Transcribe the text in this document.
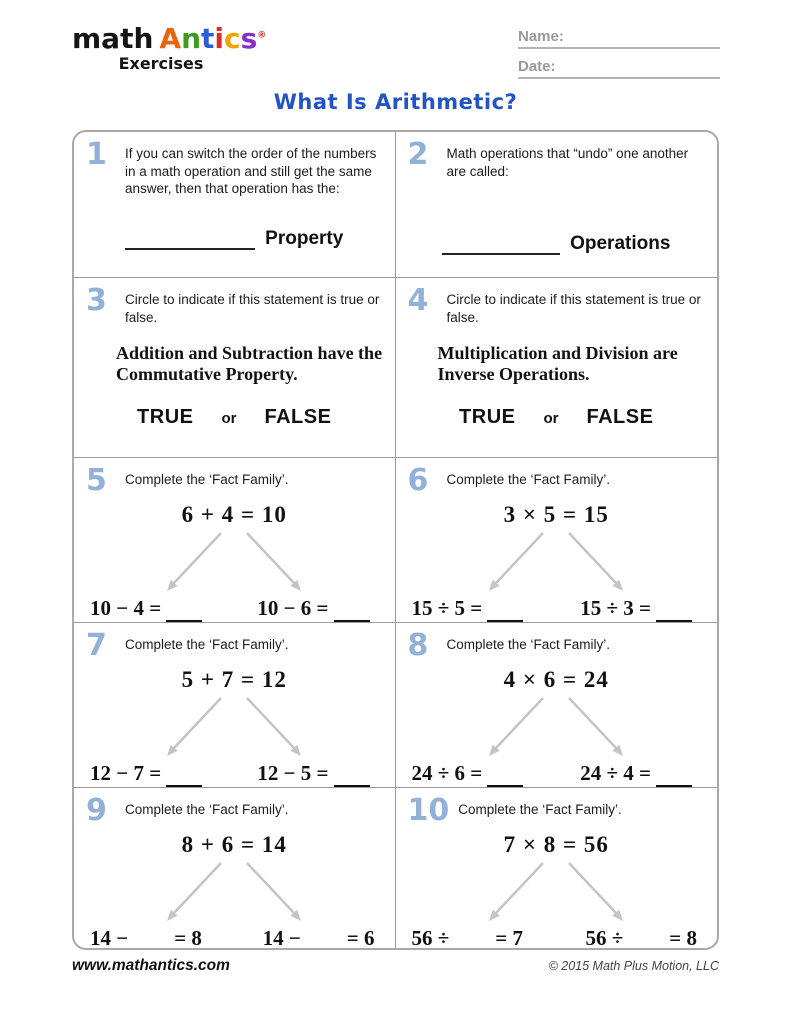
math Antics®
Exercises
Name:
Date:
What Is Arithmetic?
1	If you can switch the order of the numbers in a math operation and still get the same answer, then that operation has the:
Property
2	Math operations that “undo” one another are called:
Operations
3	Circle to indicate if this statement is true or false.
Addition and Subtraction have the Commutative Property.
TRUE or FALSE
4	Circle to indicate if this statement is true or false.
Multiplication and Division are Inverse Operations.
TRUE or FALSE
5	Complete the ‘Fact Family’.
6 + 4 = 10
10 − 4 =	10 − 6 =
6	Complete the ‘Fact Family’.
3 × 5 = 15
15 ÷ 5 =	15 ÷ 3 =
7	Complete the ‘Fact Family’.
5 + 7 = 12
12 − 7 =	12 − 5 =
8	Complete the ‘Fact Family’.
4 × 6 = 24
24 ÷ 6 =	24 ÷ 4 =
9	Complete the ‘Fact Family’.
8 + 6 = 14
14 − = 8	14 − = 6
10 Complete the ‘Fact Family’.
7 × 8 = 56
56 ÷ = 7	56 ÷ = 8
www.mathantics.com	© 2015 Math Plus Motion, LLC
